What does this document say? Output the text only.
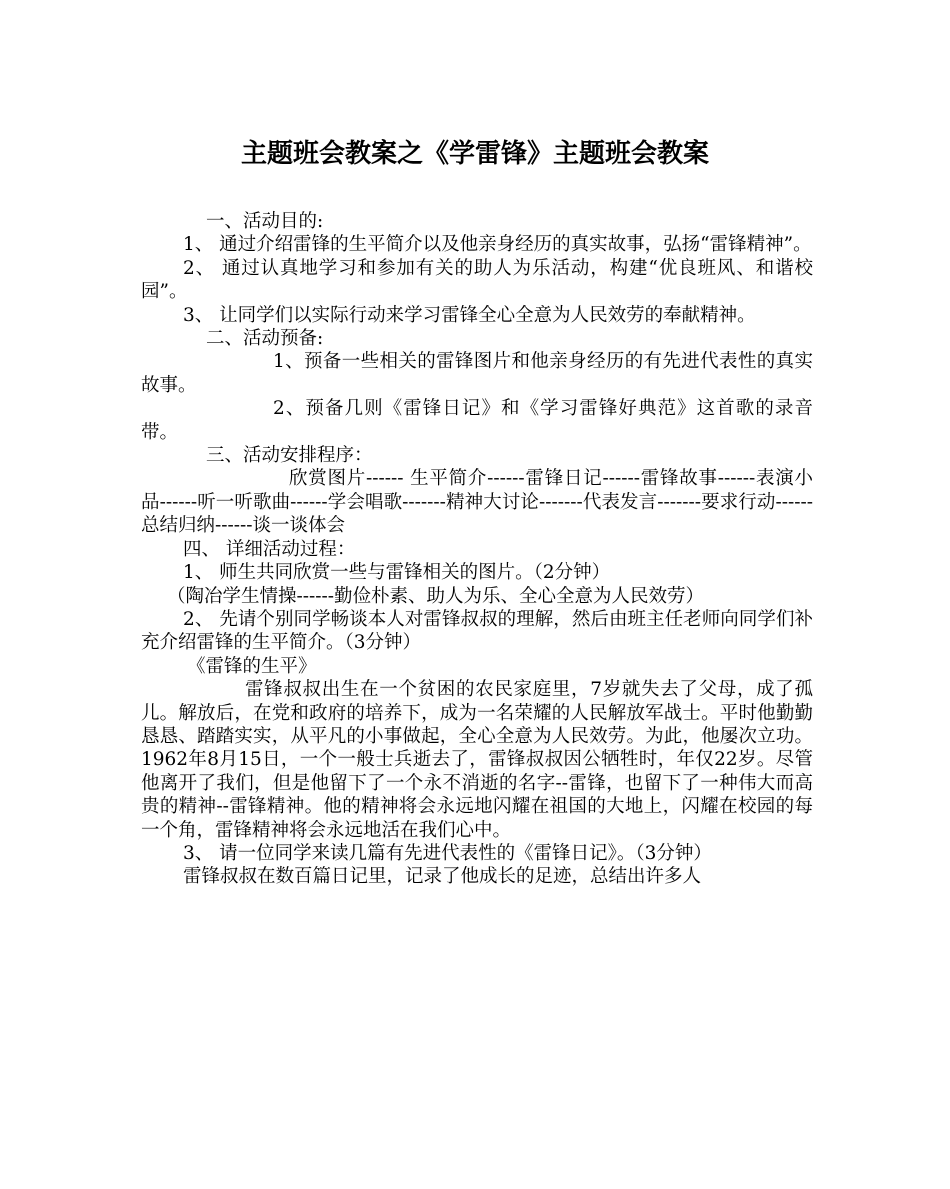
主题班会教案之《学雷锋》主题班会教案

一、活动目的:

1、 通过介绍雷锋的生平简介以及他亲身经历的真实故事，弘扬“雷锋精神”。

2、 通过认真地学习和参加有关的助人为乐活动，构建“优良班风、和谐校园”。

3、 让同学们以实际行动来学习雷锋全心全意为人民效劳的奉献精神。

二、活动预备:

1、预备一些相关的雷锋图片和他亲身经历的有先进代表性的真实故事。

2、预备几则《雷锋日记》和《学习雷锋好典范》这首歌的录音带。

三、活动安排程序：

欣赏图片------ 生平简介------雷锋日记------雷锋故事------表演小品------听一听歌曲------学会唱歌-------精神大讨论-------代表发言-------要求行动------总结归纳------谈一谈体会

四、 详细活动过程：

1、 师生共同欣赏一些与雷锋相关的图片。（2分钟）

（陶冶学生情操------勤俭朴素、助人为乐、全心全意为人民效劳）

2、 先请个别同学畅谈本人对雷锋叔叔的理解，然后由班主任老师向同学们补充介绍雷锋的生平简介。（3分钟）

《雷锋的生平》

雷锋叔叔出生在一个贫困的农民家庭里，7岁就失去了父母，成了孤儿。解放后，在党和政府的培养下，成为一名荣耀的人民解放军战士。平时他勤勤恳恳、踏踏实实，从平凡的小事做起，全心全意为人民效劳。为此，他屡次立功。1962年8月15日，一个一般士兵逝去了，雷锋叔叔因公牺牲时，年仅22岁。尽管他离开了我们，但是他留下了一个永不消逝的名字--雷锋，也留下了一种伟大而高贵的精神--雷锋精神。他的精神将会永远地闪耀在祖国的大地上，闪耀在校园的每一个角，雷锋精神将会永远地活在我们心中。

3、 请一位同学来读几篇有先进代表性的《雷锋日记》。（3分钟）

雷锋叔叔在数百篇日记里，记录了他成长的足迹，总结出许多人
